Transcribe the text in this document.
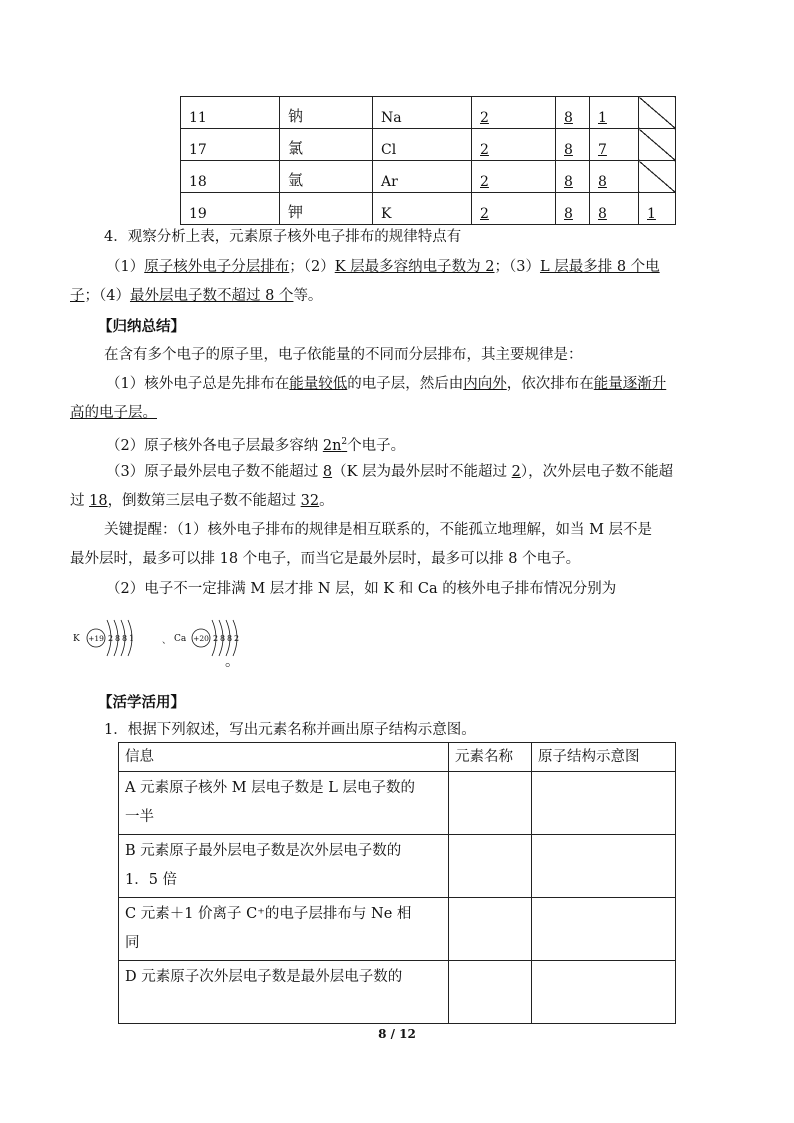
11	钠	Na	2	8	1	
17	氯	Cl	2	8	7	
18	氩	Ar	2	8	8	
19	钾	K	2	8	8	1
4．观察分析上表，元素原子核外电子排布的规律特点有
（1）原子核外电子分层排布；（2）K 层最多容纳电子数为 2；（3）L 层最多排 8 个电
子；（4）最外层电子数不超过 8 个等。
【归纳总结】
在含有多个电子的原子里，电子依能量的不同而分层排布，其主要规律是：
（1）核外电子总是先排布在能量较低的电子层，然后由内向外，依次排布在能量逐渐升
高的电子层。
（2）原子核外各电子层最多容纳 $2n^2$个电子。
（3）原子最外层电子数不能超过 8（K 层为最外层时不能超过 2），次外层电子数不能超
过 18，倒数第三层电子数不能超过 32。
关键提醒：（1）核外电子排布的规律是相互联系的，不能孤立地理解，如当 M 层不是
最外层时，最多可以排 18 个电子，而当它是最外层时，最多可以排 8 个电子。
（2）电子不一定排满 M 层才排 N 层，如 K 和 Ca 的核外电子排布情况分别为
K +19 2 8 8 1	、 Ca +20 2 8 8 2
。
【活学活用】
1．根据下列叙述，写出元素名称并画出原子结构示意图。
信息	元素名称	原子结构示意图

A 元素原子核外 M 层电子数是 L 层电子数的
一半		

B 元素原子最外层电子数是次外层电子数的
1．5 倍		

C 元素＋1 价离子 C⁺的电子层排布与 Ne 相
同		

D 元素原子次外层电子数是最外层电子数的		

8 / 12
